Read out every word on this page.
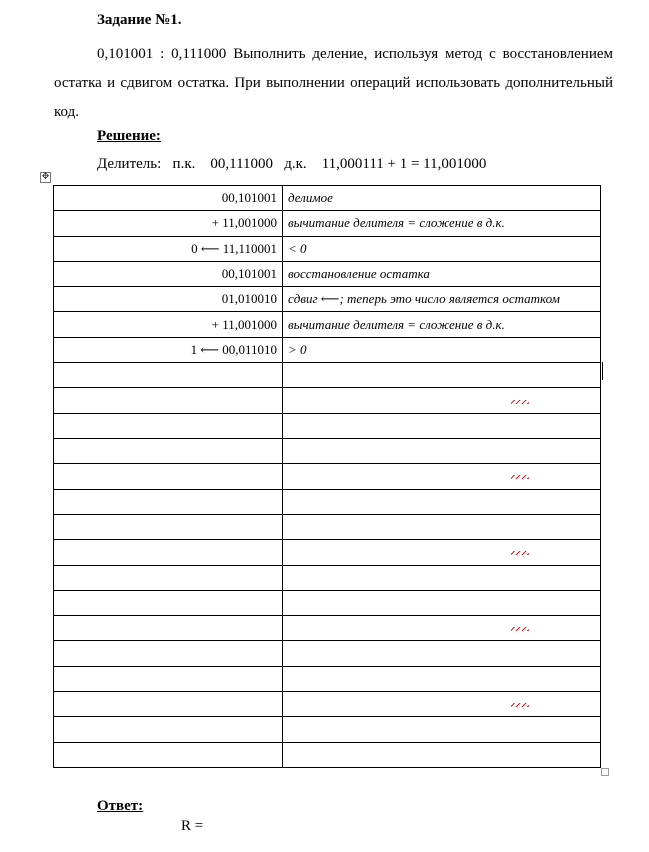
Задание №1.
0,101001 : 0,111000 Выполнить деление, используя метод с восстановлением остатка и сдвигом остатка. При выполнении операций использовать дополнительный код.
Решение:
Делитель: п.к. 00,111000 д.к. 11,000111 + 1 = 11,001000
✥
00,101001	делимое
+ 11,001000	вычитание делителя = сложение в д.к.
0 ⟵ 11,110001	< 0
00,101001	восстановление остатка
01,010010	сдвиг ⟵; теперь это число является остатком
+ 11,001000	вычитание делителя = сложение в д.к.
1 ⟵ 00,011010	> 0

Ответ:
R =
